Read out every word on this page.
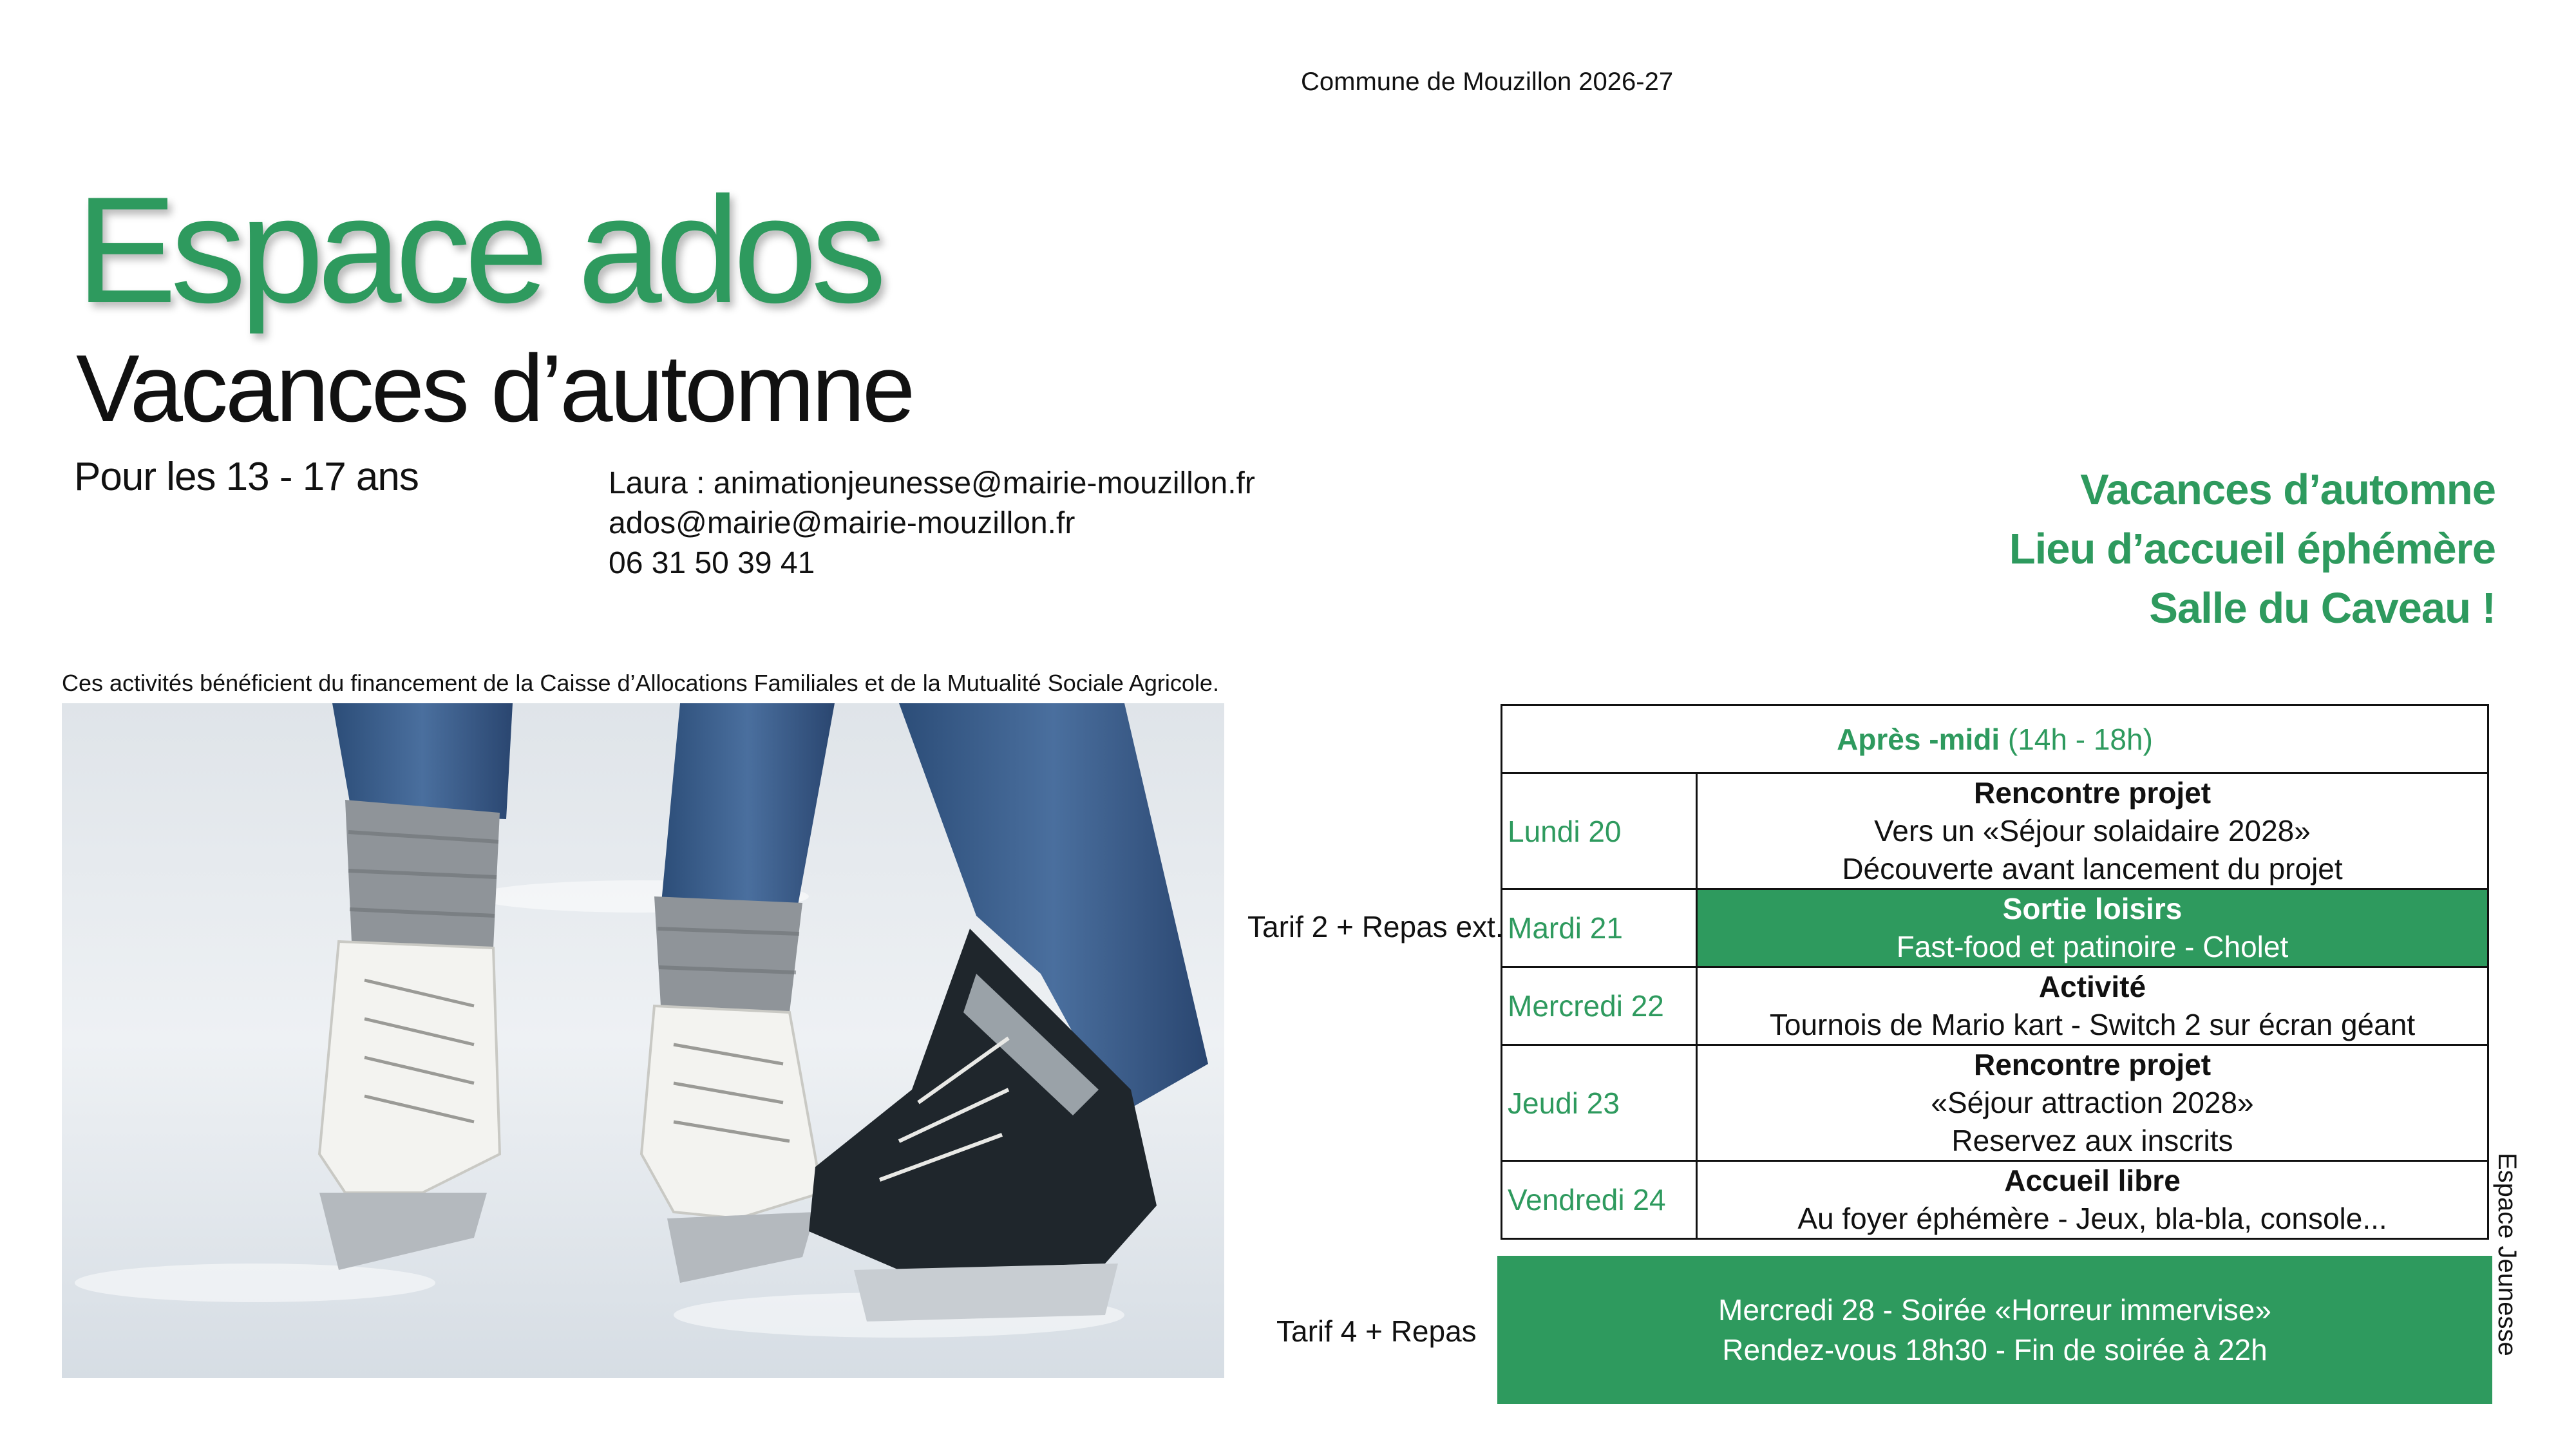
Commune de Mouzillon 2026-27
Espace ados
Vacances d’automne
Pour les 13 - 17 ans	Laura : animationjeunesse@mairie-mouzillon.fr
ados@mairie@mairie-mouzillon.fr
06 31 50 39 41
Vacances d’automne
Lieu d’accueil éphémère
Salle du Caveau !
Ces activités bénéficient du financement de la Caisse d’Allocations Familiales et de la Mutualité Sociale Agricole.
Tarif 2 + Repas ext.
Après -midi (14h - 18h)	
Lundi 20	Rencontre projet
Vers un «Séjour solaidaire 2028»
Découverte avant lancement du projet

Mardi 21	Sortie loisirs
Fast-food et patinoire - Cholet

Mercredi 22	Activité
Tournois de Mario kart - Switch 2 sur écran géant

Jeudi 23	Rencontre projet
«Séjour attraction 2028»
Reservez aux inscrits

Vendredi 24	Accueil libre
Au foyer éphémère - Jeux, bla-bla, console...
Mercredi 28 - Soirée «Horreur immervise»
Rendez-vous 18h30 - Fin de soirée à 22h
Tarif 4 + Repas	Espace Jeunesse
